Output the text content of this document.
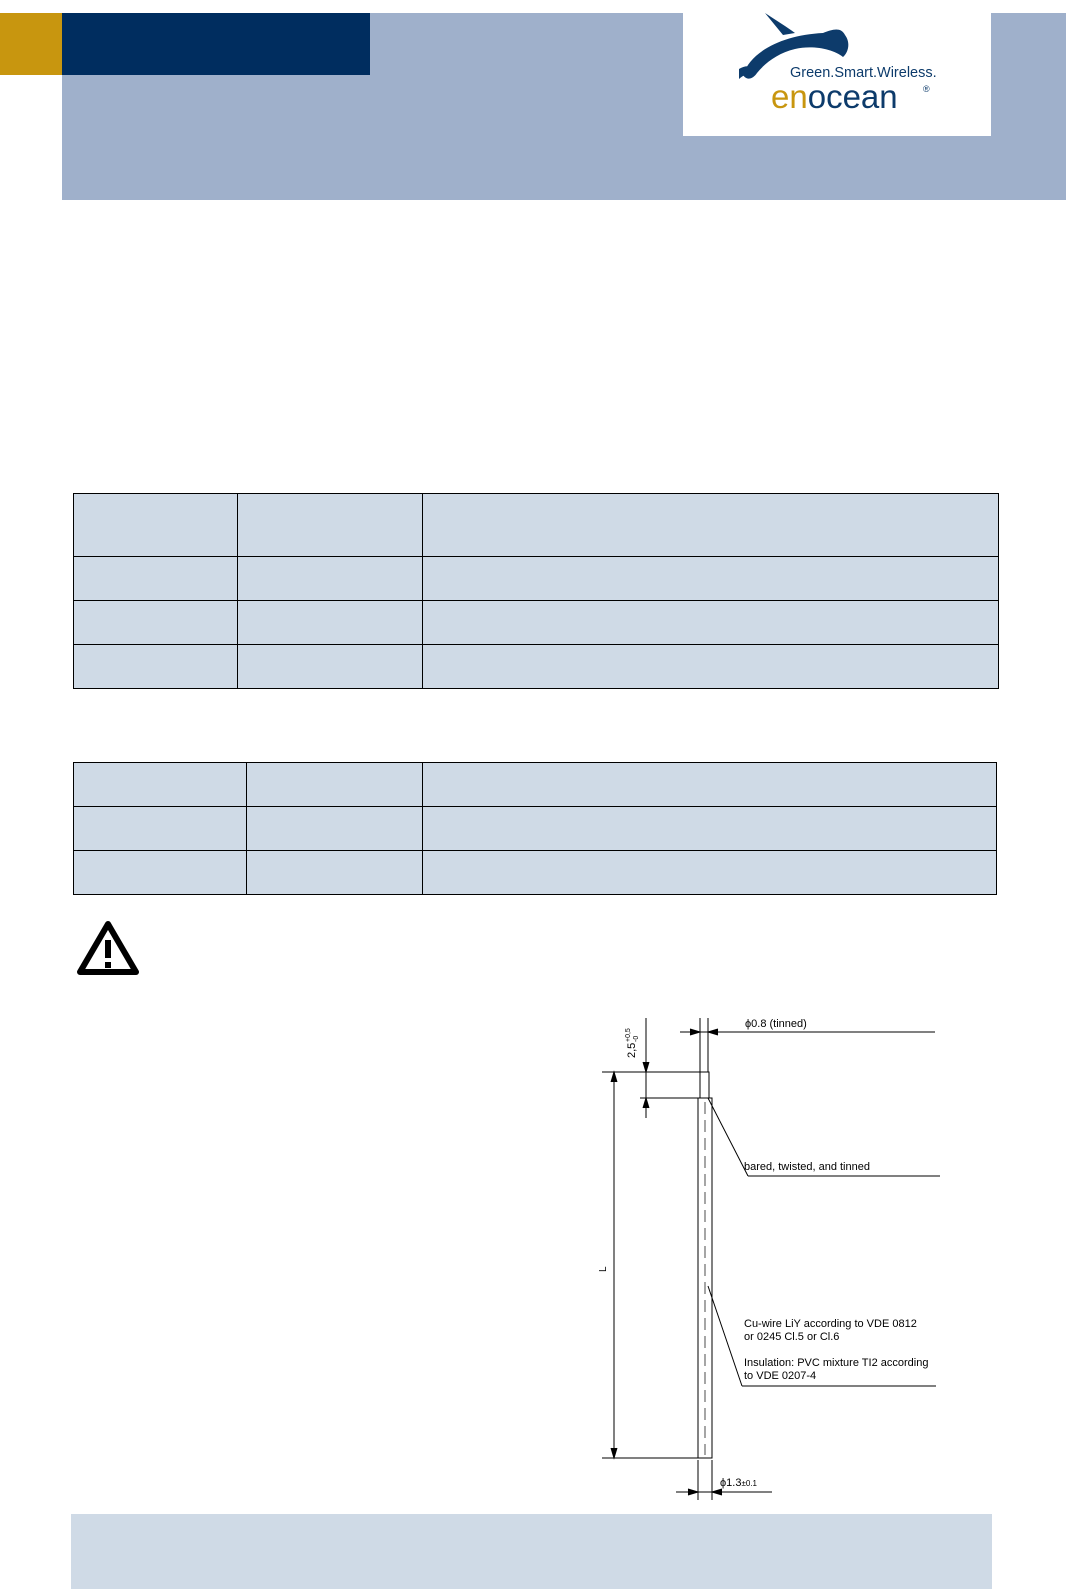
Green.Smart.Wireless.
enocean	®

ϕ0.8 (tinned)
2,5
+0,5 -0
L
bared, twisted, and tinned
Cu-wire LiY according to VDE 0812
or 0245 Cl.5 or Cl.6
Insulation: PVC mixture TI2 according
to VDE 0207-4
ϕ1.3±0.1
